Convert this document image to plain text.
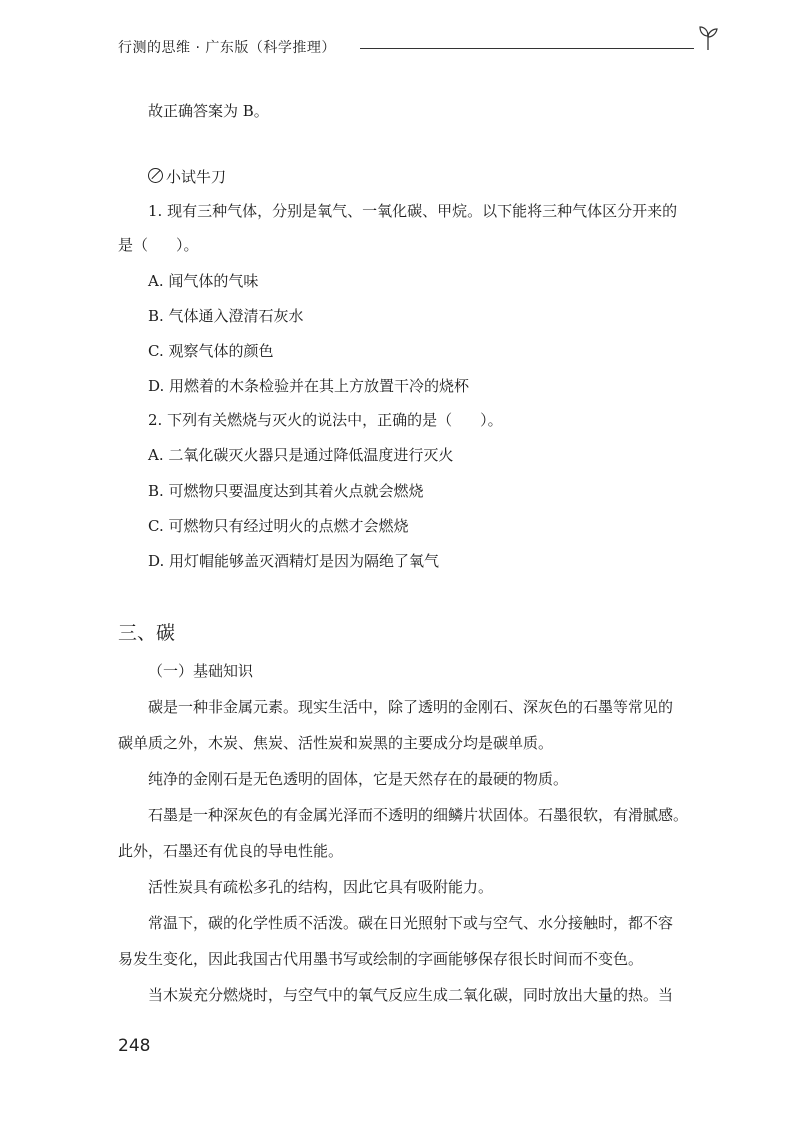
行测的思维 · 广东版（科学推理）
故正确答案为 B。
小试牛刀
1. 现有三种气体，分别是氧气、一氧化碳、甲烷。以下能将三种气体区分开来的
是（ ）。
A. 闻气体的气味
B. 气体通入澄清石灰水
C. 观察气体的颜色
D. 用燃着的木条检验并在其上方放置干冷的烧杯
2. 下列有关燃烧与灭火的说法中，正确的是（ ）。
A. 二氧化碳灭火器只是通过降低温度进行灭火
B. 可燃物只要温度达到其着火点就会燃烧
C. 可燃物只有经过明火的点燃才会燃烧
D. 用灯帽能够盖灭酒精灯是因为隔绝了氧气
三、碳
（一）基础知识
碳是一种非金属元素。现实生活中，除了透明的金刚石、深灰色的石墨等常见的
碳单质之外，木炭、焦炭、活性炭和炭黑的主要成分均是碳单质。
纯净的金刚石是无色透明的固体，它是天然存在的最硬的物质。
石墨是一种深灰色的有金属光泽而不透明的细鳞片状固体。石墨很软，有滑腻感。
此外，石墨还有优良的导电性能。
活性炭具有疏松多孔的结构，因此它具有吸附能力。
常温下，碳的化学性质不活泼。碳在日光照射下或与空气、水分接触时，都不容
易发生变化，因此我国古代用墨书写或绘制的字画能够保存很长时间而不变色。
当木炭充分燃烧时，与空气中的氧气反应生成二氧化碳，同时放出大量的热。当
248
